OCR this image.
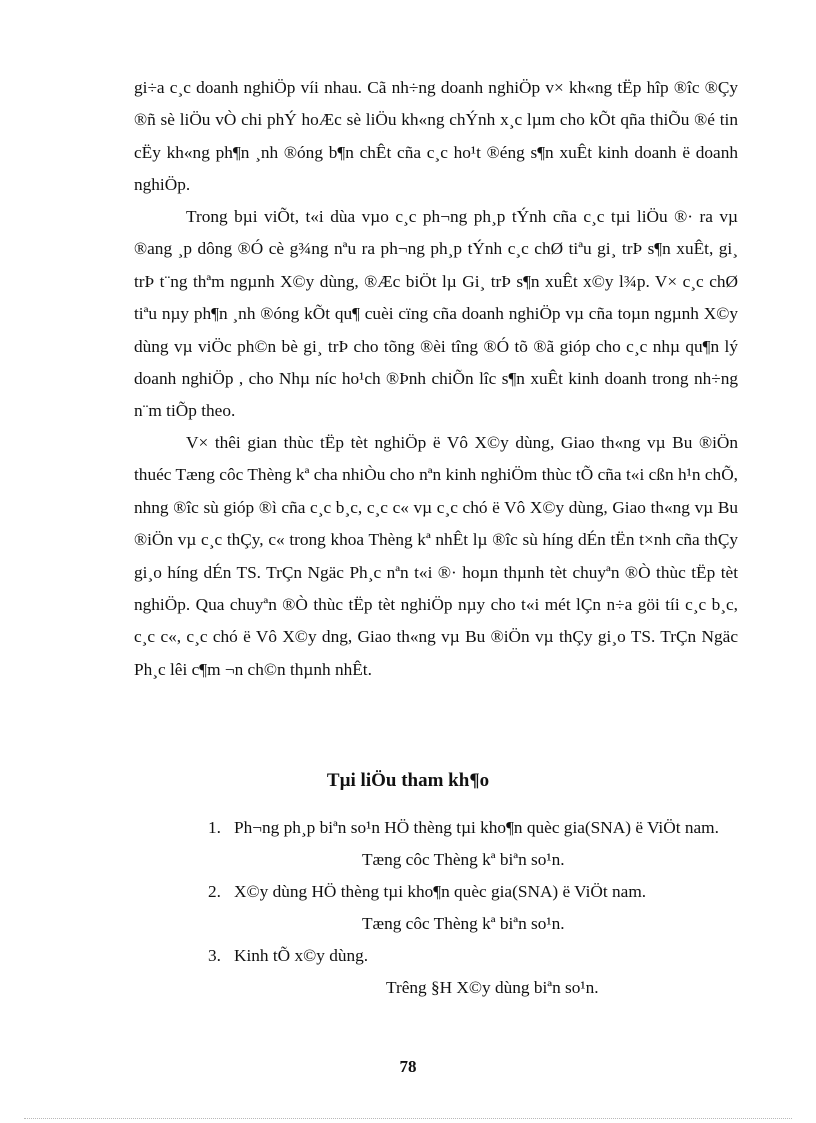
gi÷a c¸c doanh nghiÖp víi nhau. Cã nh÷ng doanh nghiÖp v× kh«ng tËp hîp ®îc ®Çy ®ñ sè liÖu vÒ chi phÝ hoÆc sè liÖu kh«ng chÝnh x¸c lµm cho kÕt qña thiÕu ®é tin cËy kh«ng ph¶n ¸nh ®óng b¶n chÊt cña c¸c ho¹t ®éng s¶n xuÊt kinh doanh ë doanh nghiÖp.

Trong bµi viÕt, t«i dùa vµo c¸c ph¬ng ph¸p tÝnh cña c¸c tµi liÖu ®· ra vµ ®ang ¸p dông ®Ó cè g¾ng nªu ra ph¬ng ph¸p tÝnh c¸c chØ tiªu gi¸ trÞ s¶n xuÊt, gi¸ trÞ t¨ng thªm ngµnh X©y dùng, ®Æc biÖt lµ Gi¸ trÞ s¶n xuÊt x©y l¾p. V× c¸c chØ tiªu nµy ph¶n ¸nh ®óng kÕt qu¶ cuèi cïng cña doanh nghiÖp vµ cña toµn ngµnh X©y dùng vµ viÖc ph©n bè gi¸ trÞ cho tõng ®èi tîng ®Ó tõ ®ã gióp cho c¸c nhµ qu¶n lý doanh nghiÖp , cho Nhµ níc ho¹ch ®Þnh chiÕn lîc s¶n xuÊt kinh doanh trong nh÷ng n¨m tiÕp theo.

V× thêi gian thùc tËp tèt nghiÖp ë Vô X©y dùng, Giao th«ng vµ Bu ®iÖn thuéc Tæng côc Thèng kª cha nhiÒu cho nªn kinh nghiÖm thùc tÕ cña t«i cßn h¹n chÕ, nhng ®îc sù gióp ®ì cña c¸c b¸c, c¸c c« vµ c¸c chó ë Vô X©y dùng, Giao th«ng vµ Bu ®iÖn vµ c¸c thÇy, c« trong khoa Thèng kª nhÊt lµ ®îc sù híng dÉn tËn t×nh cña thÇy gi¸o híng dÉn TS. TrÇn Ngäc Ph¸c nªn t«i ®· hoµn thµnh tèt chuyªn ®Ò thùc tËp tèt nghiÖp. Qua chuyªn ®Ò thùc tËp tèt nghiÖp nµy cho t«i mét lÇn n÷a göi tíi c¸c b¸c, c¸c c«, c¸c chó ë Vô X©y dng, Giao th«ng vµ Bu ®iÖn vµ thÇy gi¸o TS. TrÇn Ngäc Ph¸c lêi c¶m ¬n ch©n thµnh nhÊt.

Tµi liÖu tham kh¶o
1. Ph¬ng ph¸p biªn so¹n HÖ thèng tµi kho¶n quèc gia(SNA) ë ViÖt nam.
Tæng côc Thèng kª biªn so¹n.
2. X©y dùng HÖ thèng tµi kho¶n quèc gia(SNA) ë ViÖt nam.
Tæng côc Thèng kª biªn so¹n.
3. Kinh tÕ x©y dùng.
Trêng §H X©y dùng biªn so¹n.
78
